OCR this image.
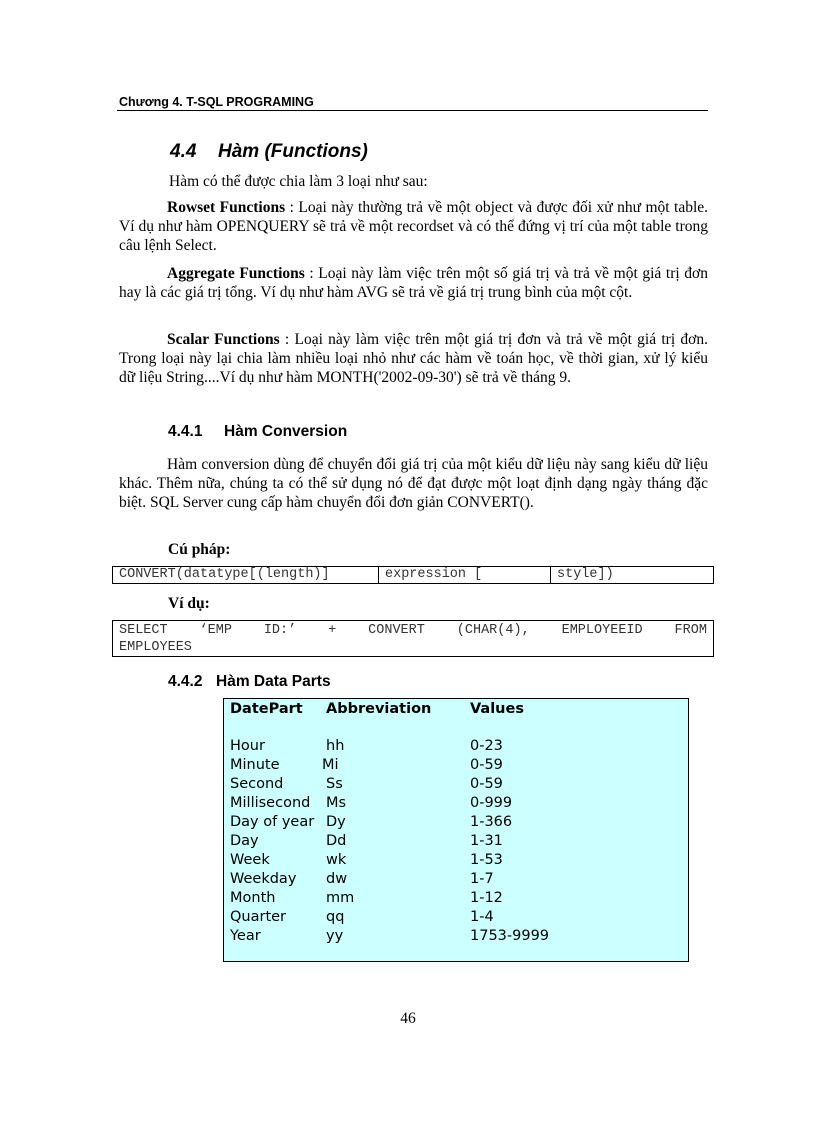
Chương 4. T-SQL PROGRAMING
4.4 Hàm (Functions)
Hàm có thể được chia làm 3 loại như sau:
Rowset Functions : Loại này thường trả về một object và được đối xử như một table. Ví dụ như hàm OPENQUERY sẽ trả về một recordset và có thể đứng vị trí của một table trong câu lệnh Select.
Aggregate Functions : Loại này làm việc trên một số giá trị và trả về một giá trị đơn hay là các giá trị tổng. Ví dụ như hàm AVG sẽ trả về giá trị trung bình của một cột.
Scalar Functions : Loại này làm việc trên một giá trị đơn và trả về một giá trị đơn. Trong loại này lại chia làm nhiều loại nhỏ như các hàm về toán học, về thời gian, xử lý kiểu dữ liệu String....Ví dụ như hàm MONTH('2002-09-30') sẽ trả về tháng 9.
4.4.1 Hàm Conversion
Hàm conversion dùng để chuyển đổi giá trị của một kiểu dữ liệu này sang kiểu dữ liệu khác. Thêm nữa, chúng ta có thể sử dụng nó để đạt được một loạt định dạng ngày tháng đặc biệt. SQL Server cung cấp hàm chuyển đổi đơn giản CONVERT().
Cú pháp:
CONVERT(datatype[(length)]	expression [	style])
Ví dụ:
SELECT ‘EMP ID:’ + CONVERT (CHAR(4), EMPLOYEEID FROM
EMPLOYEES
4.4.2 Hàm Data Parts
DatePart Abbreviation	Values
Hour	hh	0-23
Minute	Mi	0-59
Second	Ss	0-59
Millisecond Ms	0-999
Day of year Dy	1-366
Day	Dd	1-31
Week	wk	1-53
Weekday dw	1-7
Month	mm	1-12
Quarter	qq	1-4
Year	yy	1753-9999
46
